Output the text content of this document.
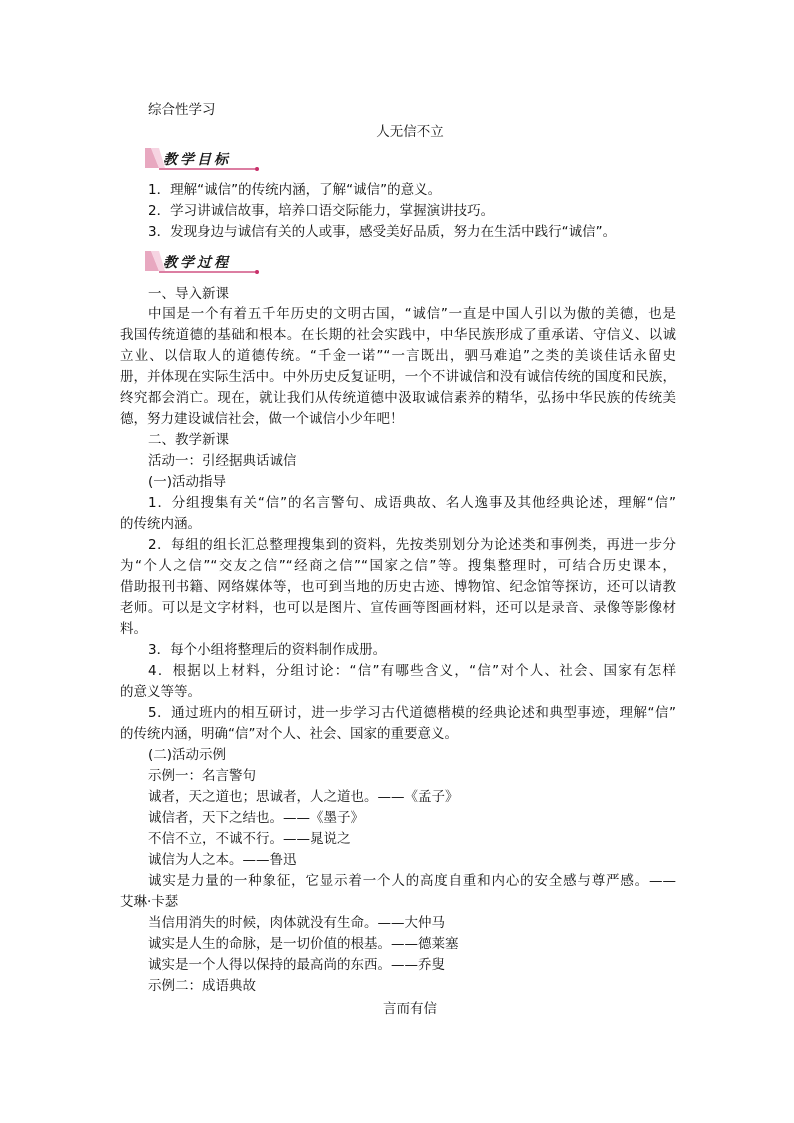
综合性学习
人无信不立
教学目标
1．理解“诚信”的传统内涵，了解“诚信”的意义。
2．学习讲诚信故事，培养口语交际能力，掌握演讲技巧。
3．发现身边与诚信有关的人或事，感受美好品质，努力在生活中践行“诚信”。
教学过程
一、导入新课
中国是一个有着五千年历史的文明古国，“诚信”一直是中国人引以为傲的美德，也是
我国传统道德的基础和根本。在长期的社会实践中，中华民族形成了重承诺、守信义、以诚
立业、以信取人的道德传统。“千金一诺”“一言既出，驷马难追”之类的美谈佳话永留史
册，并体现在实际生活中。中外历史反复证明，一个不讲诚信和没有诚信传统的国度和民族，
终究都会消亡。现在，就让我们从传统道德中汲取诚信素养的精华，弘扬中华民族的传统美
德，努力建设诚信社会，做一个诚信小少年吧！
二、教学新课
活动一：引经据典话诚信
(一)活动指导
1．分组搜集有关“信”的名言警句、成语典故、名人逸事及其他经典论述，理解“信”
的传统内涵。
2．每组的组长汇总整理搜集到的资料，先按类别划分为论述类和事例类，再进一步分
为“个人之信”“交友之信”“经商之信”“国家之信”等。搜集整理时，可结合历史课本，
借助报刊书籍、网络媒体等，也可到当地的历史古迹、博物馆、纪念馆等探访，还可以请教
老师。可以是文字材料，也可以是图片、宣传画等图画材料，还可以是录音、录像等影像材
料。
3．每个小组将整理后的资料制作成册。
4．根据以上材料，分组讨论：“信”有哪些含义，“信”对个人、社会、国家有怎样
的意义等等。
5．通过班内的相互研讨，进一步学习古代道德楷模的经典论述和典型事迹，理解“信”
的传统内涵，明确“信”对个人、社会、国家的重要意义。
(二)活动示例
示例一：名言警句
诚者，天之道也；思诚者，人之道也。——《孟子》
诚信者，天下之结也。——《墨子》
不信不立，不诚不行。——晁说之
诚信为人之本。——鲁迅
诚实是力量的一种象征，它显示着一个人的高度自重和内心的安全感与尊严感。——
艾琳·卡瑟
当信用消失的时候，肉体就没有生命。——大仲马
诚实是人生的命脉，是一切价值的根基。——德莱塞
诚实是一个人得以保持的最高尚的东西。——乔叟
示例二：成语典故
言而有信
